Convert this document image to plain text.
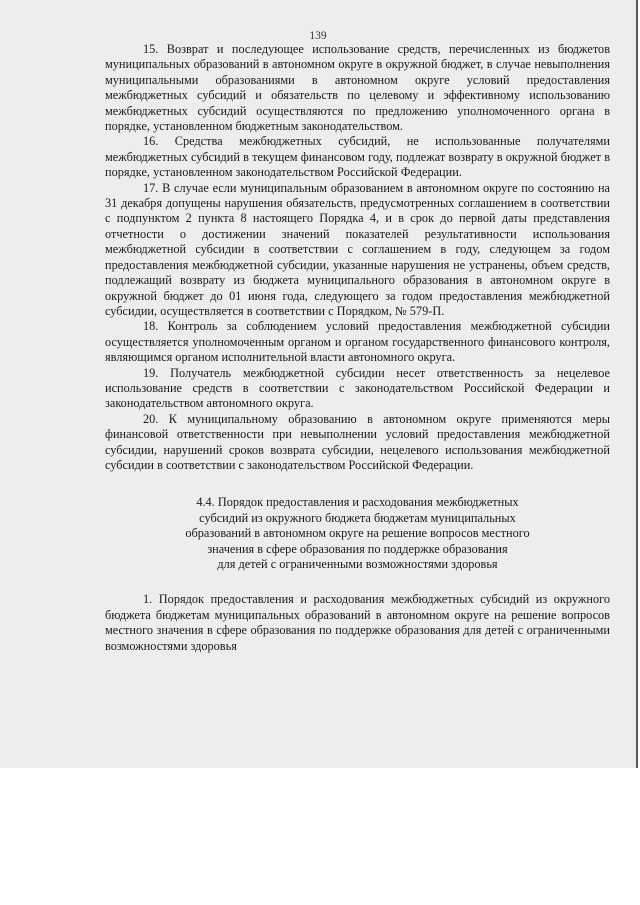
139

15. Возврат и последующее использование средств, перечисленных из бюджетов муниципальных образований в автономном округе в окружной бюджет, в случае невыполнения муниципальными образованиями в автономном округе условий предоставления межбюджетных субсидий и обязательств по целевому и эффективному использованию межбюджетных субсидий осуществляются по предложению уполномоченного органа в порядке, установленном бюджетным законодательством.

16. Средства межбюджетных субсидий, не использованные получателями межбюджетных субсидий в текущем финансовом году, подлежат возврату в окружной бюджет в порядке, установленном законодательством Российской Федерации.

17. В случае если муниципальным образованием в автономном округе по состоянию на 31 декабря допущены нарушения обязательств, предусмотренных соглашением в соответствии с подпунктом 2 пункта 8 настоящего Порядка 4, и в срок до первой даты представления отчетности о достижении значений показателей результативности использования межбюджетной субсидии в соответствии с соглашением в году, следующем за годом предоставления межбюджетной субсидии, указанные нарушения не устранены, объем средств, подлежащий возврату из бюджета муниципального образования в автономном округе в окружной бюджет до 01 июня года, следующего за годом предоставления межбюджетной субсидии, осуществляется в соответствии с Порядком, № 579-П.

18. Контроль за соблюдением условий предоставления межбюджетной субсидии осуществляется уполномоченным органом и органом государственного финансового контроля, являющимся органом исполнительной власти автономного округа.

19. Получатель межбюджетной субсидии несет ответственность за нецелевое использование средств в соответствии с законодательством Российской Федерации и законодательством автономного округа.

20. К муниципальному образованию в автономном округе применяются меры финансовой ответственности при невыполнении условий предоставления межбюджетной субсидии, нарушений сроков возврата субсидии, нецелевого использования межбюджетной субсидии в соответствии с законодательством Российской Федерации.

4.4. Порядок предоставления и расходования межбюджетных
субсидий из окружного бюджета бюджетам муниципальных
образований в автономном округе на решение вопросов местного
значения в сфере образования по поддержке образования
для детей с ограниченными возможностями здоровья

1. Порядок предоставления и расходования межбюджетных субсидий из окружного бюджета бюджетам муниципальных образований в автономном округе на решение вопросов местного значения в сфере образования по поддержке образования для детей с ограниченными возможностями здоровья
